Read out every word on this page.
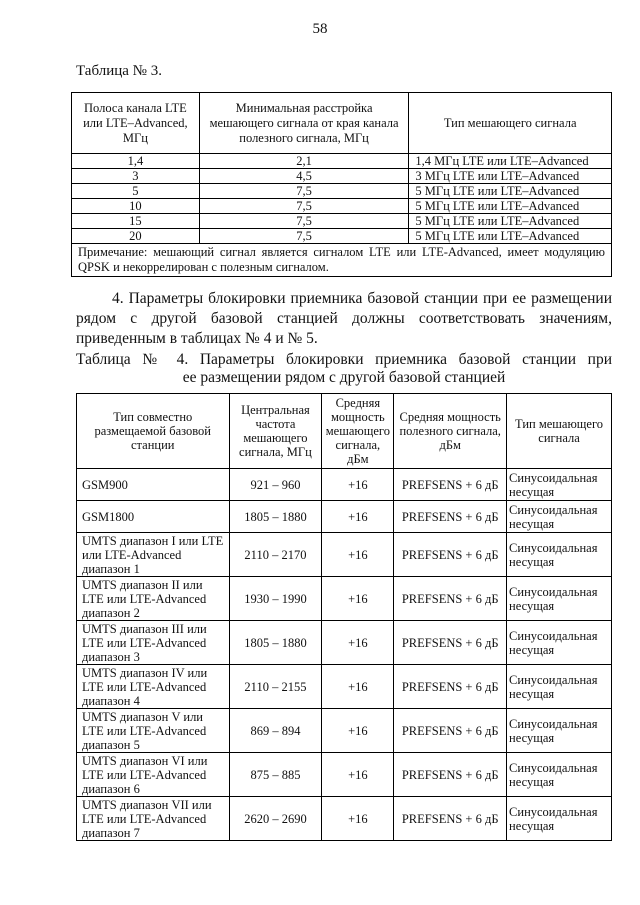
58
Таблица № 3.
Полоса канала LTE или LTE–Advanced, МГц	Минимальная расстройка мешающего сигнала от края канала полезного сигнала, МГц	Тип мешающего сигнала
1,4	2,1	1,4 МГц LTE или LTE–Advanced
3	4,5	3 МГц LTE или LTE–Advanced
5	7,5	5 МГц LTE или LTE–Advanced
10	7,5	5 МГц LTE или LTE–Advanced
15	7,5	5 МГц LTE или LTE–Advanced
20	7,5	5 МГц LTE или LTE–Advanced
Примечание: мешающий сигнал является сигналом LTE или LTE-Advanced, имеет модуляцию QPSK и некоррелирован с полезным сигналом.		
4. Параметры блокировки приемника базовой станции при ее размещении рядом с другой базовой станцией должны соответствовать значениям, приведенным в таблицах № 4 и № 5.
Таблица № 4. Параметры блокировки приемника базовой станции при
ее размещении рядом с другой базовой станцией
Тип совместно размещаемой базовой станции	Центральная частота мешающего сигнала, МГц	Средняя мощность мешающего сигнала, дБм	Средняя мощность полезного сигнала, дБм	Тип мешающего сигнала
GSM900	921 – 960	+16	PREFSENS + 6 дБ	Синусоидальная несущая
GSM1800	1805 – 1880	+16	PREFSENS + 6 дБ	Синусоидальная несущая
UMTS диапазон I или LTE или LTE-Advanced диапазон 1	2110 – 2170	+16	PREFSENS + 6 дБ	Синусоидальная несущая
UMTS диапазон II или LTE или LTE-Advanced диапазон 2	1930 – 1990	+16	PREFSENS + 6 дБ	Синусоидальная несущая
UMTS диапазон III или LTE или LTE-Advanced диапазон 3	1805 – 1880	+16	PREFSENS + 6 дБ	Синусоидальная несущая
UMTS диапазон IV или LTE или LTE-Advanced диапазон 4	2110 – 2155	+16	PREFSENS + 6 дБ	Синусоидальная несущая
UMTS диапазон V или LTE или LTE-Advanced диапазон 5	869 – 894	+16	PREFSENS + 6 дБ	Синусоидальная несущая
UMTS диапазон VI или LTE или LTE-Advanced диапазон 6	875 – 885	+16	PREFSENS + 6 дБ	Синусоидальная несущая
UMTS диапазон VII или LTE или LTE-Advanced диапазон 7	2620 – 2690	+16	PREFSENS + 6 дБ	Синусоидальная несущая
